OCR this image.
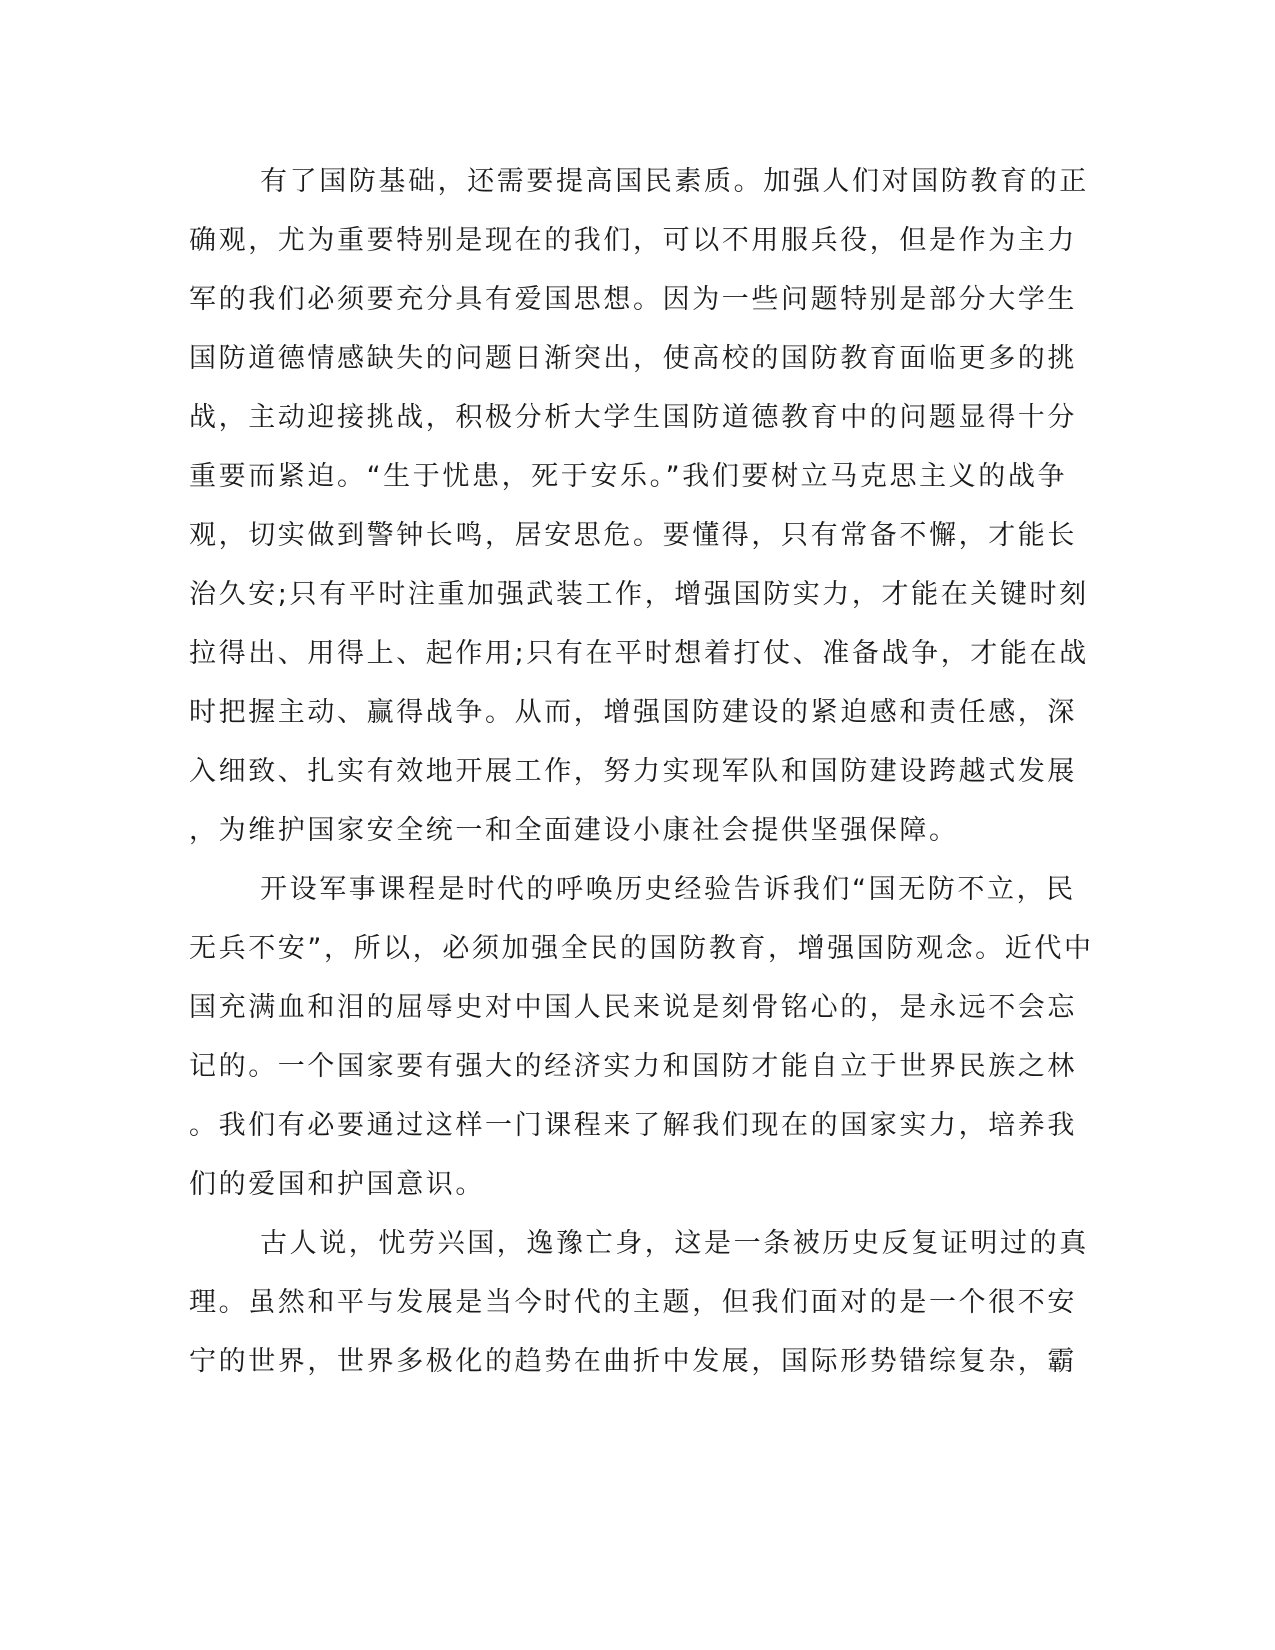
有了国防基础，还需要提高国民素质。加强人们对国防教育的正
确观，尤为重要特别是现在的我们，可以不用服兵役，但是作为主力
军的我们必须要充分具有爱国思想。因为一些问题特别是部分大学生
国防道德情感缺失的问题日渐突出，使高校的国防教育面临更多的挑
战，主动迎接挑战，积极分析大学生国防道德教育中的问题显得十分
重要而紧迫。“生于忧患，死于安乐。”我们要树立马克思主义的战争
观，切实做到警钟长鸣，居安思危。要懂得，只有常备不懈，才能长
治久安;只有平时注重加强武装工作，增强国防实力，才能在关键时刻
拉得出、用得上、起作用;只有在平时想着打仗、准备战争，才能在战
时把握主动、赢得战争。从而，增强国防建设的紧迫感和责任感，深
入细致、扎实有效地开展工作，努力实现军队和国防建设跨越式发展
，为维护国家安全统一和全面建设小康社会提供坚强保障。
开设军事课程是时代的呼唤历史经验告诉我们“国无防不立，民
无兵不安”，所以，必须加强全民的国防教育，增强国防观念。近代中
国充满血和泪的屈辱史对中国人民来说是刻骨铭心的，是永远不会忘
记的。一个国家要有强大的经济实力和国防才能自立于世界民族之林
。我们有必要通过这样一门课程来了解我们现在的国家实力，培养我
们的爱国和护国意识。
古人说，忧劳兴国，逸豫亡身，这是一条被历史反复证明过的真
理。虽然和平与发展是当今时代的主题，但我们面对的是一个很不安
宁的世界，世界多极化的趋势在曲折中发展，国际形势错综复杂，霸
